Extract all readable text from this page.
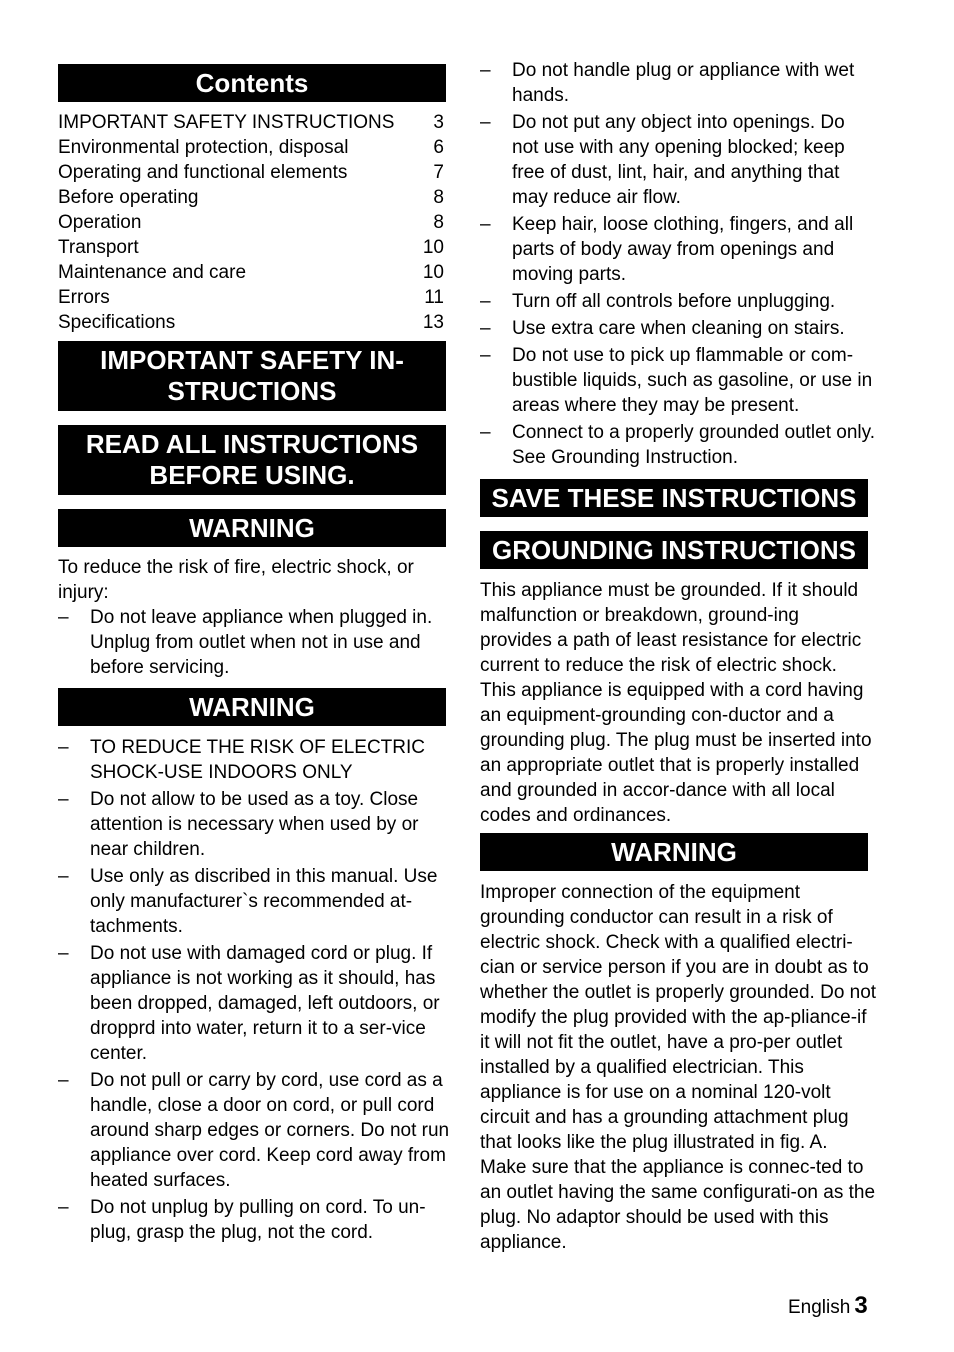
Contents
IMPORTANT SAFETY INSTRUCTIONS	3
Environmental protection, disposal	6
Operating and functional elements	7
Before operating	8
Operation	8
Transport	10
Maintenance and care	10
Errors	11
Specifications	13
IMPORTANT SAFETY IN-
STRUCTIONS
READ ALL INSTRUCTIONS
BEFORE USING.
WARNING

To reduce the risk of fire, electric shock, or injury:

– Do not leave appliance when plugged in. Unplug from outlet when not in use and before servicing.
WARNING
– TO REDUCE THE RISK OF ELECTRIC SHOCK-USE INDOORS ONLY
– Do not allow to be used as a toy. Close attention is necessary when used by or near children.
– Use only as discribed in this manual. Use only manufacturer`s recommended at-tachments.
– Do not use with damaged cord or plug. If appliance is not working as it should, has been dropped, damaged, left outdoors, or dropprd into water, return it to a ser-vice center.
– Do not pull or carry by cord, use cord as a handle, close a door on cord, or pull cord around sharp edges or corners. Do not run appliance over cord. Keep cord away from heated surfaces.
– Do not unplug by pulling on cord. To un-plug, grasp the plug, not the cord.
– Do not handle plug or appliance with wet hands.
– Do not put any object into openings. Do not use with any opening blocked; keep free of dust, lint, hair, and anything that may reduce air flow.
– Keep hair, loose clothing, fingers, and all parts of body away from openings and moving parts.
– Turn off all controls before unplugging.
– Use extra care when cleaning on stairs.
– Do not use to pick up flammable or com-bustible liquids, such as gasoline, or use in areas where they may be present.
– Connect to a properly grounded outlet only. See Grounding Instruction.
SAVE THESE INSTRUCTIONS
GROUNDING INSTRUCTIONS

This appliance must be grounded. If it should malfunction or breakdown, ground-ing provides a path of least resistance for electric current to reduce the risk of electric shock. This appliance is equipped with a cord having an equipment-grounding con-ductor and a grounding plug. The plug must be inserted into an appropriate outlet that is properly installed and grounded in accor-dance with all local codes and ordinances.

WARNING

Improper connection of the equipment grounding conductor can result in a risk of electric shock. Check with a qualified electri-cian or service person if you are in doubt as to whether the outlet is properly grounded. Do not modify the plug provided with the ap-pliance-if it will not fit the outlet, have a pro-per outlet installed by a qualified electrician. This appliance is for use on a nominal 120-volt circuit and has a grounding attachment plug that looks like the plug illustrated in fig. A. Make sure that the appliance is connec-ted to an outlet having the same configurati-on as the plug. No adaptor should be used with this appliance.

English 3
